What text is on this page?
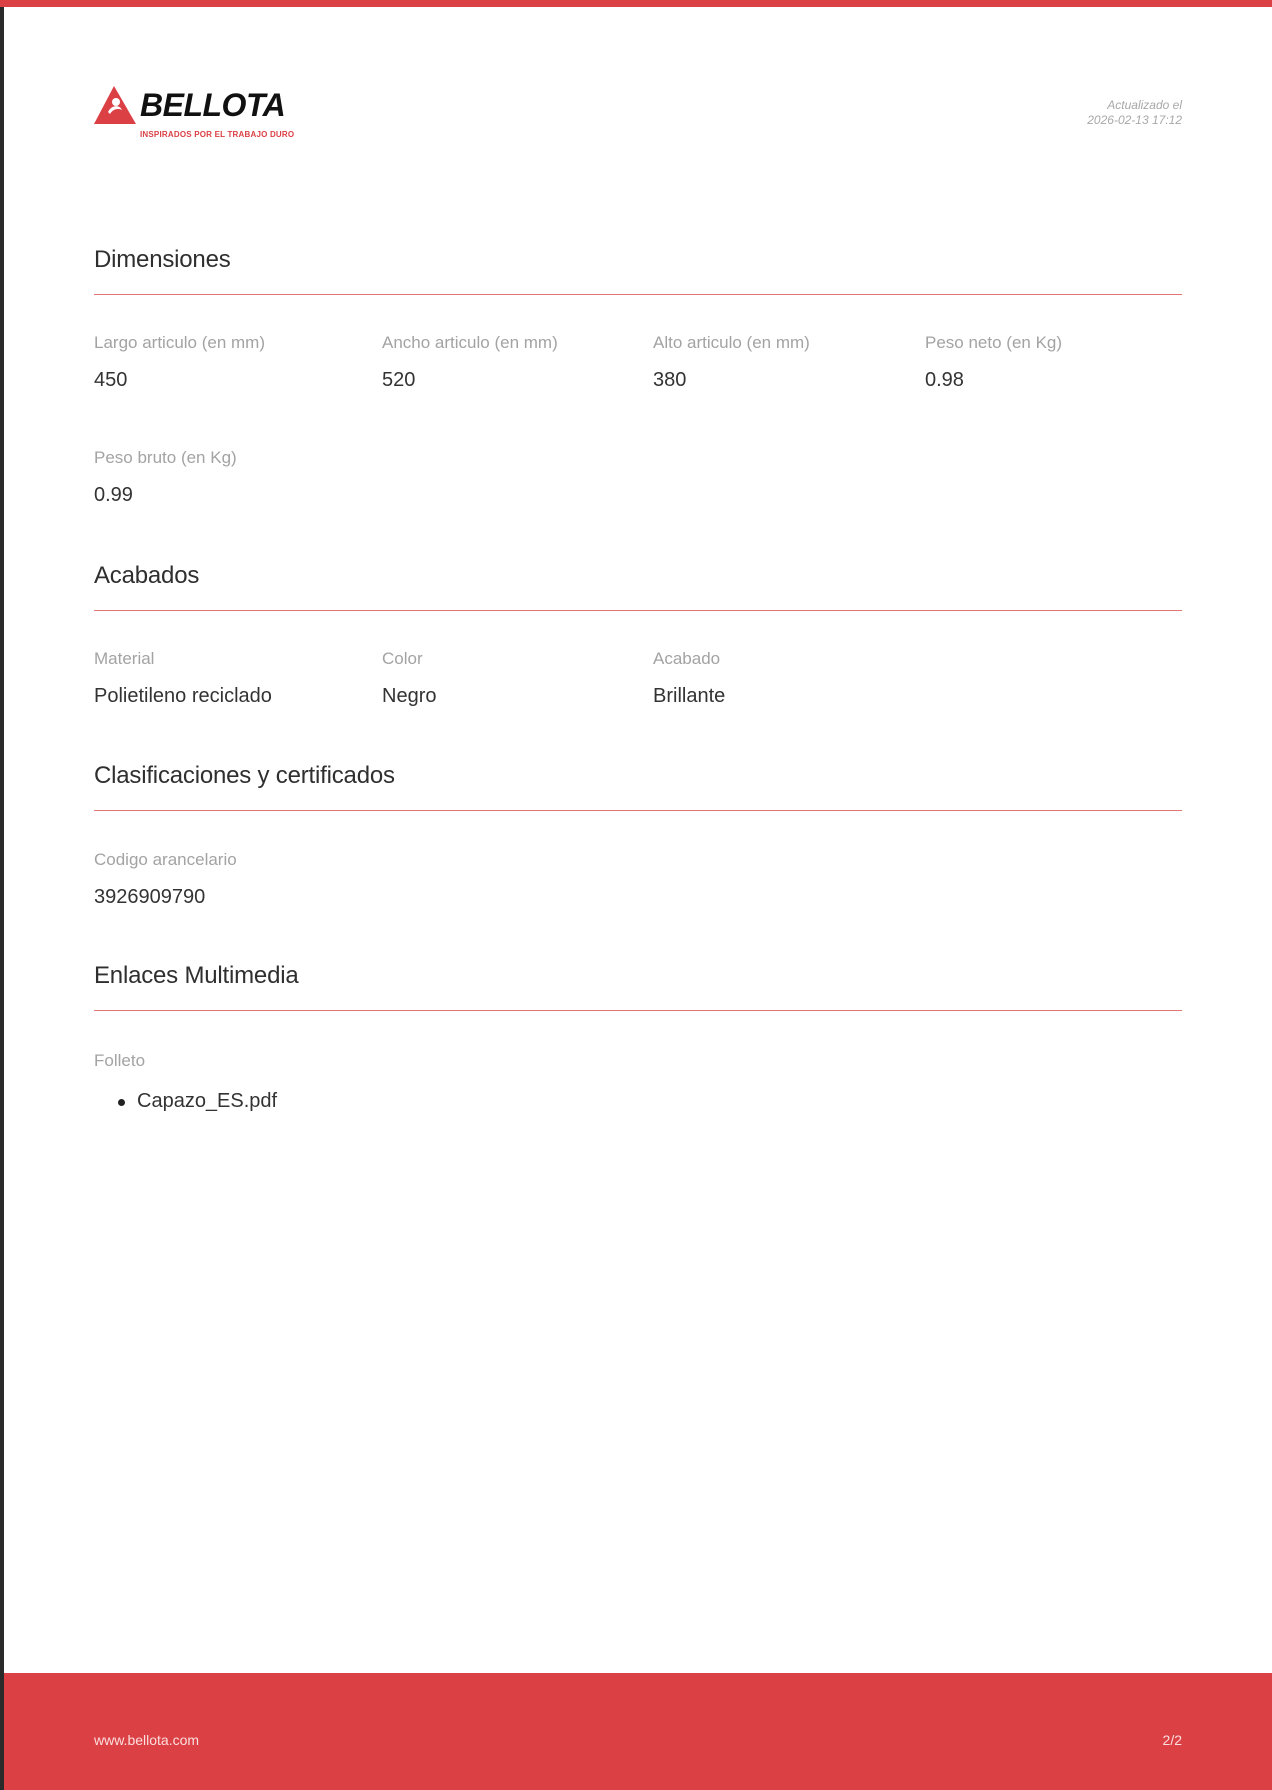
BELLOTA
INSPIRADOS POR EL TRABAJO DURO
Actualizado el
2026-02-13 17:12
Dimensiones
Largo articulo (en mm)
450
Ancho articulo (en mm)
520
Alto articulo (en mm)
380
Peso neto (en Kg)
0.98
Peso bruto (en Kg)
0.99
Acabados
Material
Polietileno reciclado
Color
Negro
Acabado
Brillante
Clasificaciones y certificados
Codigo arancelario
3926909790
Enlaces Multimedia
Folleto
Capazo_ES.pdf
www.bellota.com	2/2
